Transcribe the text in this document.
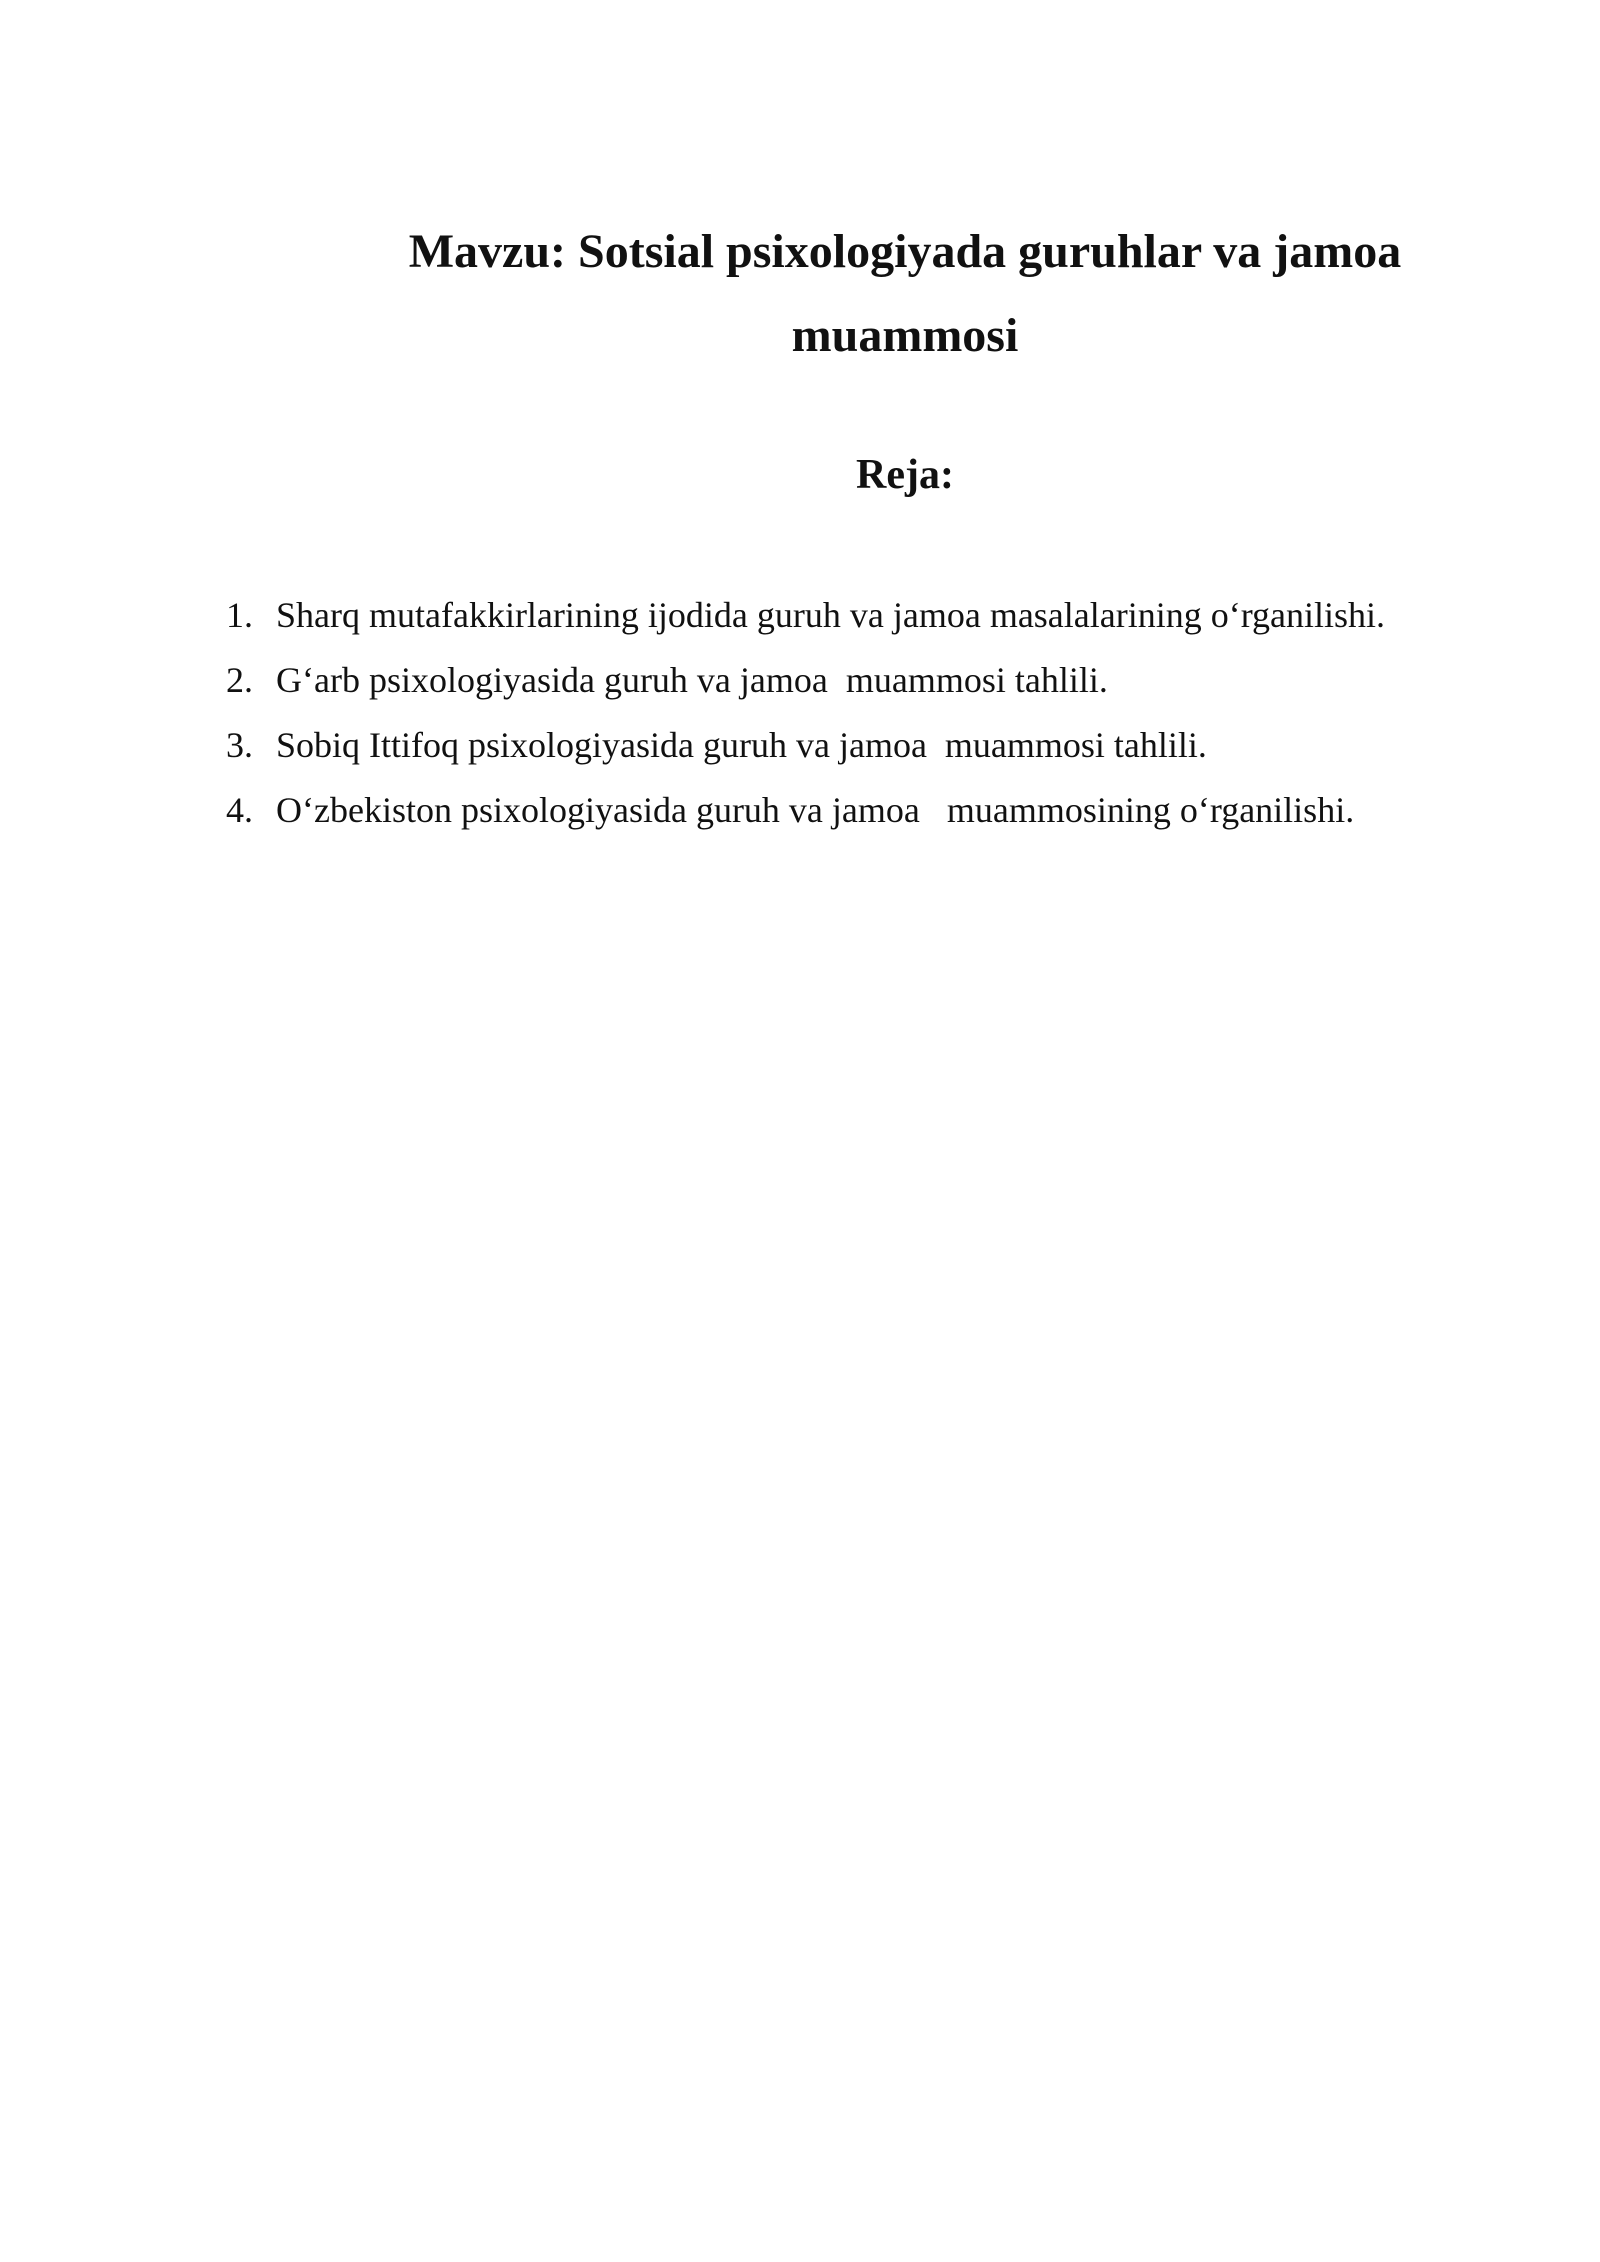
Mavzu: Sotsial psixologiyada guruhlar va jamoa muammosi
Reja:
1. Sharq mutafakkirlarining ijodida guruh va jamoa masalalarining o‘rganilishi.
2. G‘arb psixologiyasida guruh va jamoa  muammosi tahlili.
3. Sobiq Ittifoq psixologiyasida guruh va jamoa  muammosi tahlili.
4. O‘zbekiston psixologiyasida guruh va jamoa   muammosining o‘rganilishi.
